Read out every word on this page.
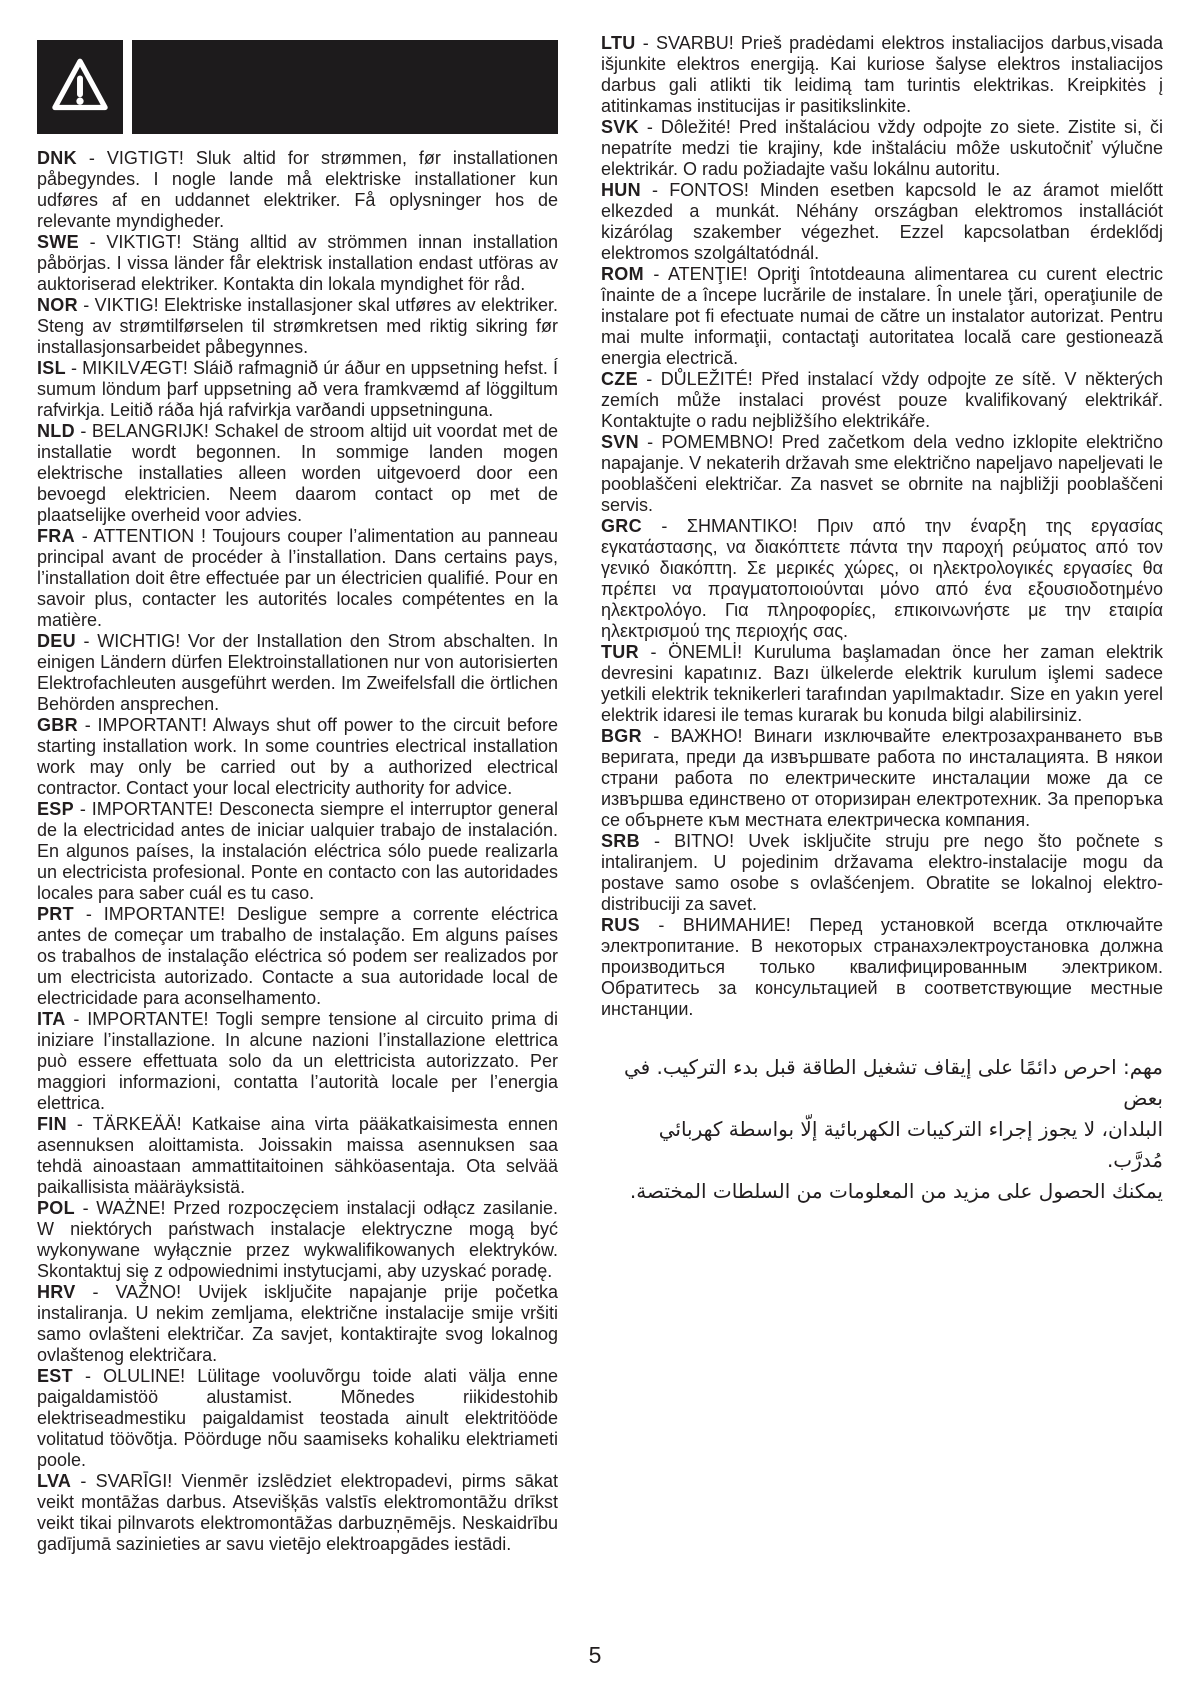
DNK - VIGTIGT! Sluk altid for strømmen, før installationen påbegyndes. I nogle lande må elektriske installationer kun udføres af en uddannet elektriker. Få oplysninger hos de relevante myndigheder.

SWE - VIKTIGT! Stäng alltid av strömmen innan installation påbörjas. I vissa länder får elektrisk installation endast utföras av auktoriserad elektriker. Kontakta din lokala myndighet för råd.

NOR - VIKTIG! Elektriske installasjoner skal utføres av elektriker. Steng av strømtilførselen til strømkretsen med riktig sikring før installasjonsarbeidet påbegynnes.

ISL - MIKILVÆGT! Sláið rafmagnið úr áður en uppsetning hefst. Í sumum löndum þarf uppsetning að vera framkvæmd af löggiltum rafvirkja. Leitið ráða hjá rafvirkja varðandi uppsetninguna.

NLD - BELANGRIJK! Schakel de stroom altijd uit voordat met de installatie wordt begonnen. In sommige landen mogen elektrische installaties alleen worden uitgevoerd door een bevoegd elektricien. Neem daarom contact op met de plaatselijke overheid voor advies.

FRA - ATTENTION ! Toujours couper l’alimentation au panneau principal avant de procéder à l’installation. Dans certains pays, l’installation doit être effectuée par un électricien qualifié. Pour en savoir plus, contacter les autorités locales compétentes en la matière.

DEU - WICHTIG! Vor der Installation den Strom abschalten. In einigen Ländern dürfen Elektroinstallationen nur von autorisierten Elektrofachleuten ausgeführt werden. Im Zweifelsfall die örtlichen Behörden ansprechen.

GBR - IMPORTANT! Always shut off power to the circuit before starting installation work. In some countries electrical installation work may only be carried out by a authorized electrical contractor. Contact your local electricity authority for advice.

ESP - IMPORTANTE! Desconecta siempre el interruptor general de la electricidad antes de iniciar ualquier trabajo de instalación. En algunos países, la instalación eléctrica sólo puede realizarla un electricista profesional. Ponte en contacto con las autoridades locales para saber cuál es tu caso.

PRT - IMPORTANTE! Desligue sempre a corrente eléctrica antes de começar um trabalho de instalação. Em alguns países os trabalhos de instalação eléctrica só podem ser realizados por um electricista autorizado. Contacte a sua autoridade local de electricidade para aconselhamento.

ITA - IMPORTANTE! Togli sempre tensione al circuito prima di iniziare l’installazione. In alcune nazioni l’installazione elettrica può essere effettuata solo da un elettricista autorizzato. Per maggiori informazioni, contatta l’autorità locale per l’energia elettrica.

FIN - TÄRKEÄÄ! Katkaise aina virta pääkatkaisimesta ennen asennuksen aloittamista. Joissakin maissa asennuksen saa tehdä ainoastaan ammattitaitoinen sähköasentaja. Ota selvää paikallisista määräyksistä.

POL - WAŻNE! Przed rozpoczęciem instalacji odłącz zasilanie. W niektórych państwach instalacje elektryczne mogą być wykonywane wyłącznie przez wykwalifikowanych elektryków. Skontaktuj się z odpowiednimi instytucjami, aby uzyskać poradę.

HRV - VAŽNO! Uvijek isključite napajanje prije početka instaliranja. U nekim zemljama, električne instalacije smije vršiti samo ovlašteni električar. Za savjet, kontaktirajte svog lokalnog ovlaštenog električara.

EST - OLULINE! Lülitage vooluvõrgu toide alati välja enne paigaldamistöö alustamist. Mõnedes riikidestohib elektriseadmestiku paigaldamist teostada ainult elektritööde volitatud töövõtja. Pöörduge nõu saamiseks kohaliku elektriameti poole.

LVA - SVARĪGI! Vienmēr izslēdziet elektropadevi, pirms sākat veikt montāžas darbus. Atsevišķās valstīs elektromontāžu drīkst veikt tikai pilnvarots elektromontāžas darbuzņēmējs. Neskaidrību gadījumā sazinieties ar savu vietējo elektroapgādes iestādi.

LTU - SVARBU! Prieš pradėdami elektros instaliacijos darbus,visada išjunkite elektros energiją. Kai kuriose šalyse elektros instaliacijos darbus gali atlikti tik leidimą tam turintis elektrikas. Kreipkitės į atitinkamas institucijas ir pasitikslinkite.

SVK - Dôležité! Pred inštaláciou vždy odpojte zo siete. Zistite si, či nepatríte medzi tie krajiny, kde inštaláciu môže uskutočniť výlučne elektrikár. O radu požiadajte vašu lokálnu autoritu.

HUN - FONTOS! Minden esetben kapcsold le az áramot mielőtt elkezded a munkát. Néhány országban elektromos installációt kizárólag szakember végezhet. Ezzel kapcsolatban érdeklődj elektromos szolgáltatódnál.

ROM - ATENŢIE! Opriţi întotdeauna alimentarea cu curent electric înainte de a începe lucrările de instalare. În unele ţări, operaţiunile de instalare pot fi efectuate numai de către un instalator autorizat. Pentru mai multe informaţii, contactaţi autoritatea locală care gestionează energia electrică.

CZE - DŮLEŽITÉ! Před instalací vždy odpojte ze sítě. V některých zemích může instalaci provést pouze kvalifikovaný elektrikář. Kontaktujte o radu nejbližšího elektrikáře.

SVN - POMEMBNO! Pred začetkom dela vedno izklopite električno napajanje. V nekaterih državah sme električno napeljavo napeljevati le pooblaščeni električar. Za nasvet se obrnite na najbližji pooblaščeni servis.

GRC - ΣΗΜΑΝΤΙΚΟ! Πριν από την έναρξη της εργασίας εγκατάστασης, να διακόπτετε πάντα την παροχή ρεύματος από τον γενικό διακόπτη. Σε μερικές χώρες, οι ηλεκτρολογικές εργασίες θα πρέπει να πραγματοποιούνται μόνο από ένα εξουσιοδοτημένο ηλεκτρολόγο. Για πληροφορίες, επικοινωνήστε με την εταιρία ηλεκτρισμού της περιοχής σας.

TUR - ÖNEMLİ! Kuruluma başlamadan önce her zaman elektrik devresini kapatınız. Bazı ülkelerde elektrik kurulum işlemi sadece yetkili elektrik teknikerleri tarafından yapılmaktadır. Size en yakın yerel elektrik idaresi ile temas kurarak bu konuda bilgi alabilirsiniz.

BGR - ВАЖНО! Винаги изключвайте електрозахранването във веригата, преди да извършвате работа по инсталацията. В някои страни работа по електрическите инсталации може да се извършва единствено от оторизиран електротехник. За препоръка се обърнете към местната електрическа компания.

SRB - BITNO! Uvek isključite struju pre nego što počnete s intaliranjem. U pojedinim državama elektro-instalacije mogu da postave samo osobe s ovlašćenjem. Obratite se lokalnoj elektro-distribuciji za savet.

RUS - ВНИМАНИЕ! Перед установкой всегда отключайте электропитание. В некоторых странахэлектроустановка должна производиться только квалифицированным электриком. Обратитесь за консультацией в соответствующие местные инстанции.

مهم: احرص دائمًا على إيقاف تشغيل الطاقة قبل بدء التركيب. في بعض
البلدان، لا يجوز إجراء التركيبات الكهربائية إلّا بواسطة كهربائي مُدرَّب.
يمكنك الحصول على مزيد من المعلومات من السلطات المختصة.
5
